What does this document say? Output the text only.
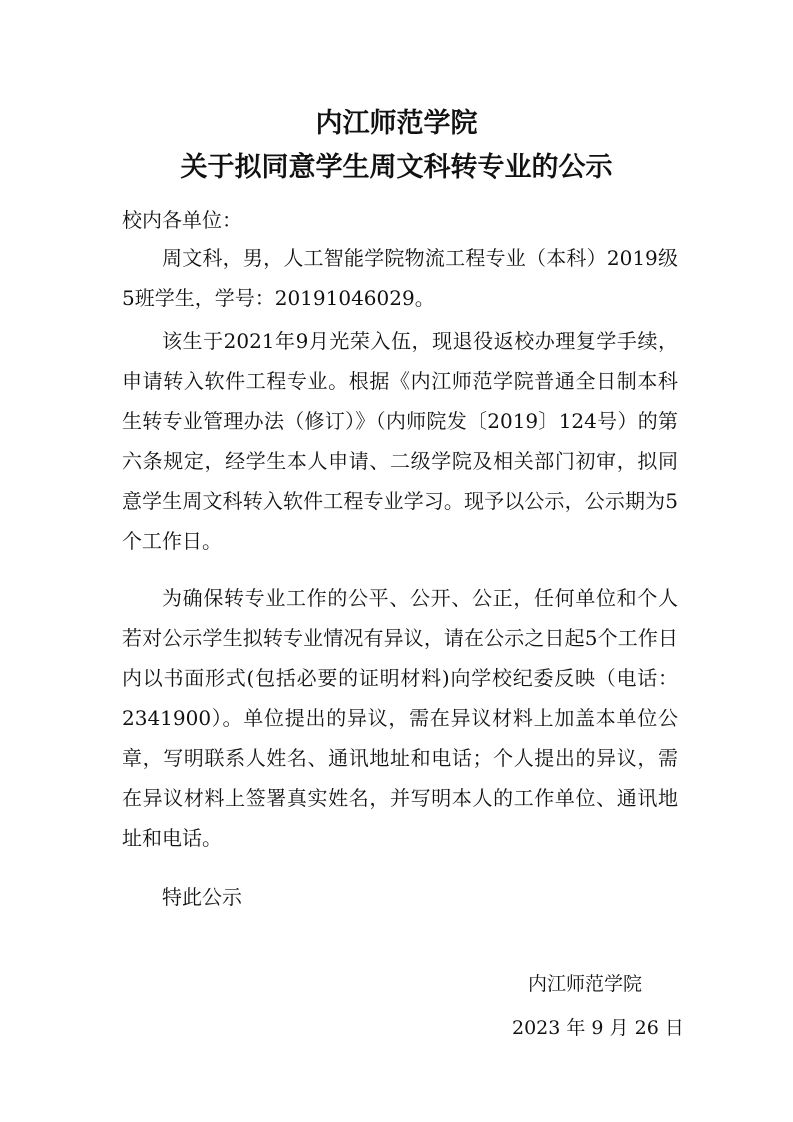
内江师范学院
关于拟同意学生周文科转专业的公示
校内各单位：

周文科，男，人工智能学院物流工程专业（本科）2019级5班学生，学号：20191046029。

该生于2021年9月光荣入伍，现退役返校办理复学手续，申请转入软件工程专业。根据《内江师范学院普通全日制本科生转专业管理办法（修订）》（内师院发〔2019〕124号）的第六条规定，经学生本人申请、二级学院及相关部门初审，拟同意学生周文科转入软件工程专业学习。现予以公示，公示期为5个工作日。

为确保转专业工作的公平、公开、公正，任何单位和个人若对公示学生拟转专业情况有异议，请在公示之日起5个工作日内以书面形式(包括必要的证明材料)向学校纪委反映（电话：2341900）。单位提出的异议，需在异议材料上加盖本单位公章，写明联系人姓名、通讯地址和电话；个人提出的异议，需在异议材料上签署真实姓名，并写明本人的工作单位、通讯地址和电话。

特此公示

内江师范学院
2023 年 9 月 26 日
